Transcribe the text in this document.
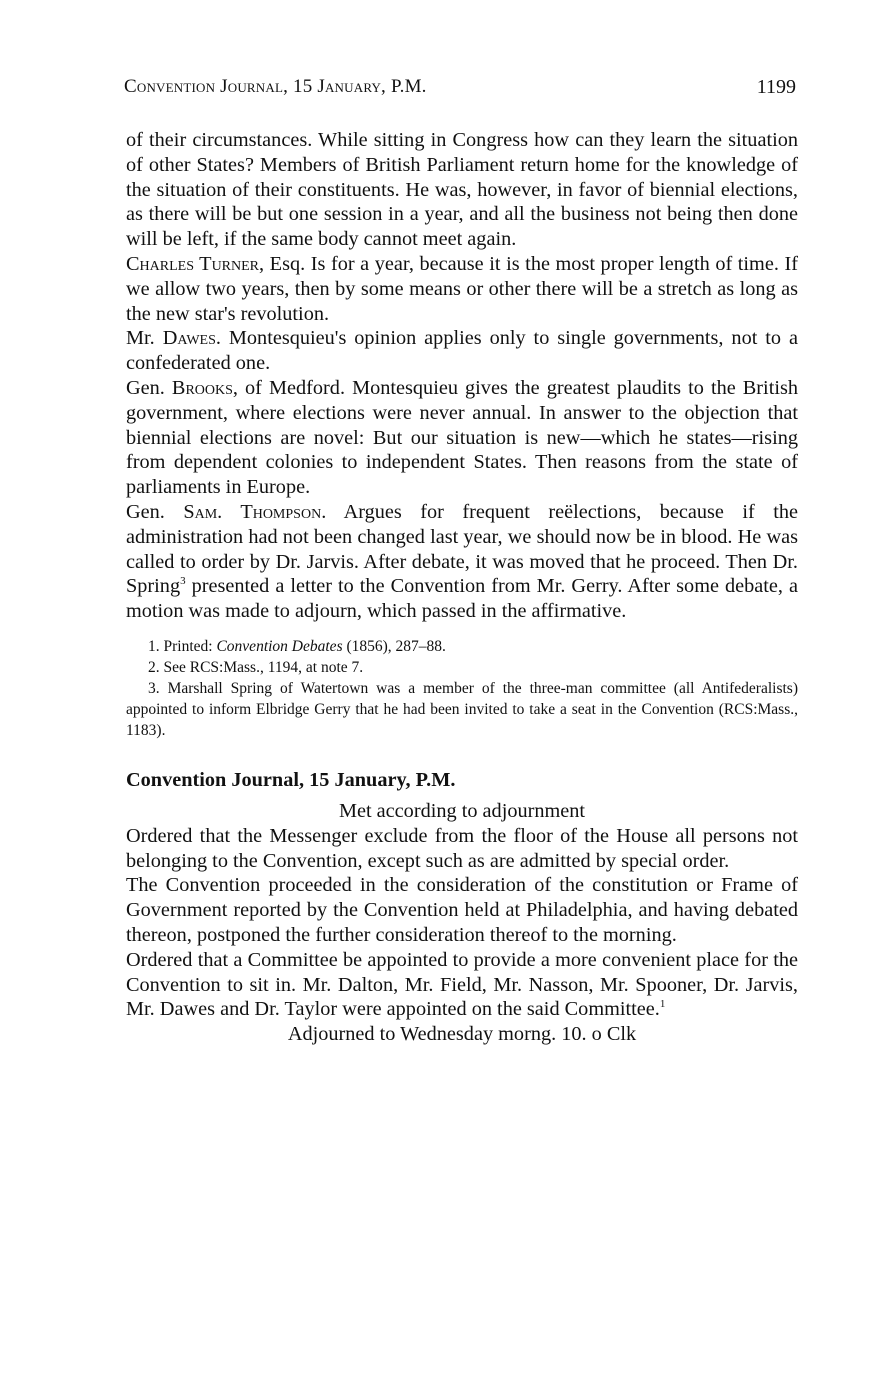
Convention Journal, 15 January, P.M.	1199

of their circumstances. While sitting in Congress how can they learn the situation of other States? Members of British Parliament return home for the knowledge of the situation of their constituents. He was, however, in favor of biennial elections, as there will be but one session in a year, and all the business not being then done will be left, if the same body cannot meet again.

Charles Turner, Esq. Is for a year, because it is the most proper length of time. If we allow two years, then by some means or other there will be a stretch as long as the new star's revolution.

Mr. Dawes. Montesquieu's opinion applies only to single governments, not to a confederated one.

Gen. Brooks, of Medford. Montesquieu gives the greatest plaudits to the British government, where elections were never annual. In answer to the objection that biennial elections are novel: But our situation is new—which he states—rising from dependent colonies to independent States. Then reasons from the state of parliaments in Europe.

Gen. Sam. Thompson. Argues for frequent reëlections, because if the administration had not been changed last year, we should now be in blood. He was called to order by Dr. Jarvis. After debate, it was moved that he proceed. Then Dr. Spring$^3$ presented a letter to the Convention from Mr. Gerry. After some debate, a motion was made to adjourn, which passed in the affirmative.

1. Printed: Convention Debates (1856), 287–88.

2. See RCS:Mass., 1194, at note 7.

3. Marshall Spring of Watertown was a member of the three-man committee (all Antifederalists) appointed to inform Elbridge Gerry that he had been invited to take a seat in the Convention (RCS:Mass., 1183).

Convention Journal, 15 January, P.M.

Met according to adjournment

Ordered that the Messenger exclude from the floor of the House all persons not belonging to the Convention, except such as are admitted by special order.

The Convention proceeded in the consideration of the constitution or Frame of Government reported by the Convention held at Philadelphia, and having debated thereon, postponed the further consideration thereof to the morning.

Ordered that a Committee be appointed to provide a more convenient place for the Convention to sit in. Mr. Dalton, Mr. Field, Mr. Nasson, Mr. Spooner, Dr. Jarvis, Mr. Dawes and Dr. Taylor were appointed on the said Committee.$^1$

Adjourned to Wednesday morng. 10. o Clk
